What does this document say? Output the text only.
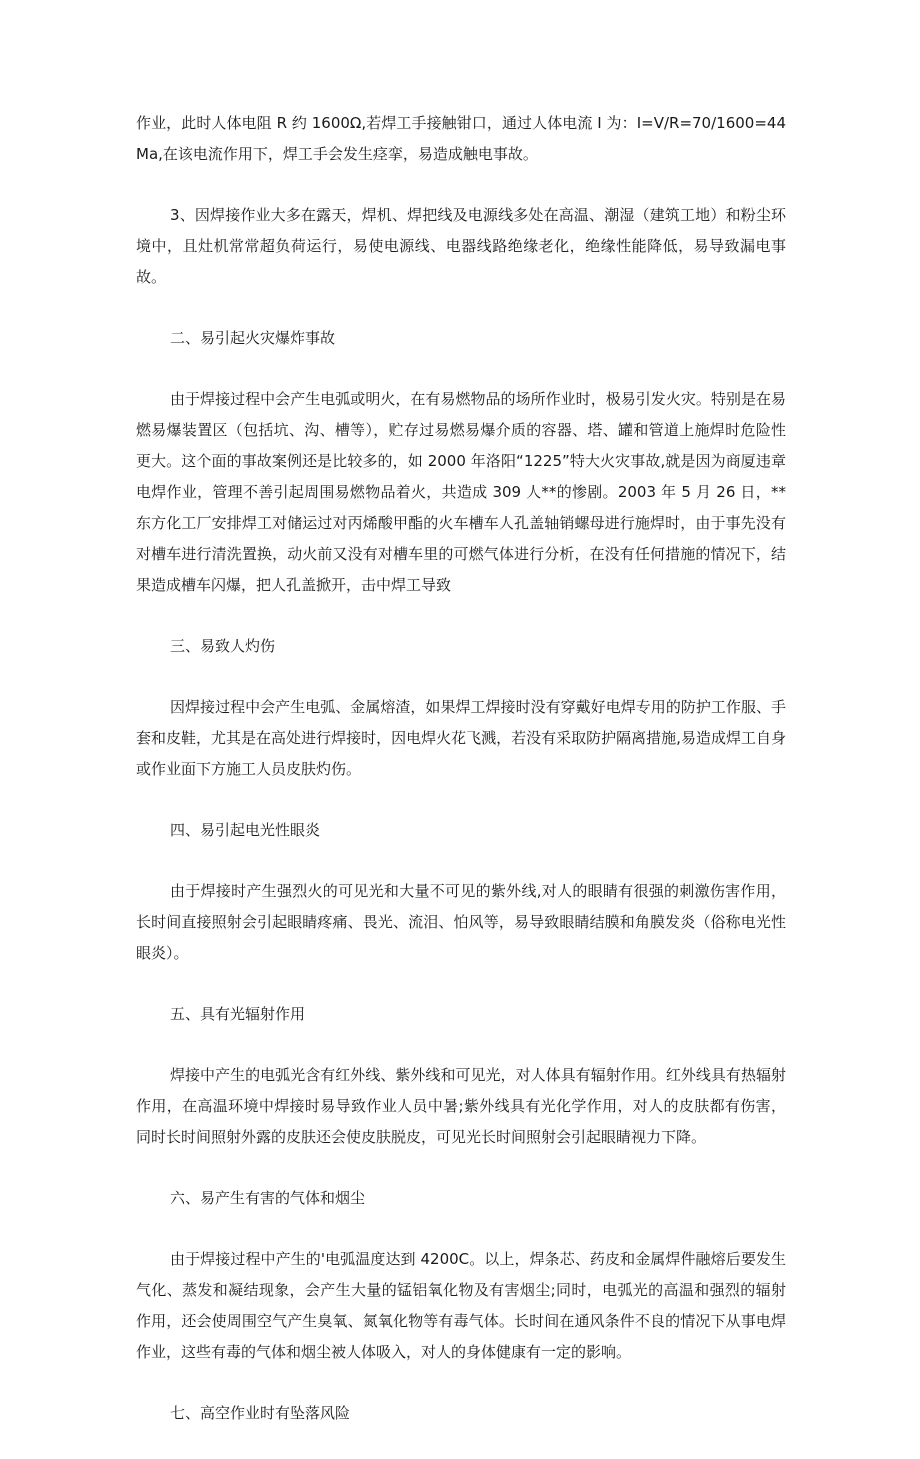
作业，此时人体电阻 R 约 1600Ω,若焊工手接触钳口，通过人体电流 I 为：I=V/R=70/1600=44Ma,在该电流作用下，焊工手会发生痉挛，易造成触电事故。

3、因焊接作业大多在露天，焊机、焊把线及电源线多处在高温、潮湿（建筑工地）和粉尘环境中，且灶机常常超负荷运行，易使电源线、电器线路绝缘老化，绝缘性能降低，易导致漏电事故。

二、易引起火灾爆炸事故

由于焊接过程中会产生电弧或明火，在有易燃物品的场所作业时，极易引发火灾。特别是在易燃易爆装置区（包括坑、沟、槽等），贮存过易燃易爆介质的容器、塔、罐和管道上施焊时危险性更大。这个面的事故案例还是比较多的，如 2000 年洛阳“1225”特大火灾事故,就是因为商厦违章电焊作业，管理不善引起周围易燃物品着火，共造成 309 人**的惨剧。2003 年 5 月 26 日，**东方化工厂安排焊工对储运过对丙烯酸甲酯的火车槽车人孔盖轴销螺母进行施焊时，由于事先没有对槽车进行清洗置换，动火前又没有对槽车里的可燃气体进行分析，在没有任何措施的情况下，结果造成槽车闪爆，把人孔盖掀开，击中焊工导致

三、易致人灼伤

因焊接过程中会产生电弧、金属熔渣，如果焊工焊接时没有穿戴好电焊专用的防护工作服、手套和皮鞋，尤其是在高处进行焊接时，因电焊火花飞溅，若没有采取防护隔离措施,易造成焊工自身或作业面下方施工人员皮肤灼伤。

四、易引起电光性眼炎

由于焊接时产生强烈火的可见光和大量不可见的紫外线,对人的眼睛有很强的刺激伤害作用，长时间直接照射会引起眼睛疼痛、畏光、流泪、怕风等，易导致眼睛结膜和角膜发炎（俗称电光性眼炎）。

五、具有光辐射作用

焊接中产生的电弧光含有红外线、紫外线和可见光，对人体具有辐射作用。红外线具有热辐射作用，在高温环境中焊接时易导致作业人员中暑;紫外线具有光化学作用，对人的皮肤都有伤害，同时长时间照射外露的皮肤还会使皮肤脱皮，可见光长时间照射会引起眼睛视力下降。

六、易产生有害的气体和烟尘

由于焊接过程中产生的'电弧温度达到 4200C。以上，焊条芯、药皮和金属焊件融熔后要发生气化、蒸发和凝结现象，会产生大量的锰铝氧化物及有害烟尘;同时，电弧光的高温和强烈的辐射作用，还会使周围空气产生臭氧、氮氧化物等有毒气体。长时间在通风条件不良的情况下从事电焊作业，这些有毒的气体和烟尘被人体吸入，对人的身体健康有一定的影响。

七、高空作业时有坠落风险
